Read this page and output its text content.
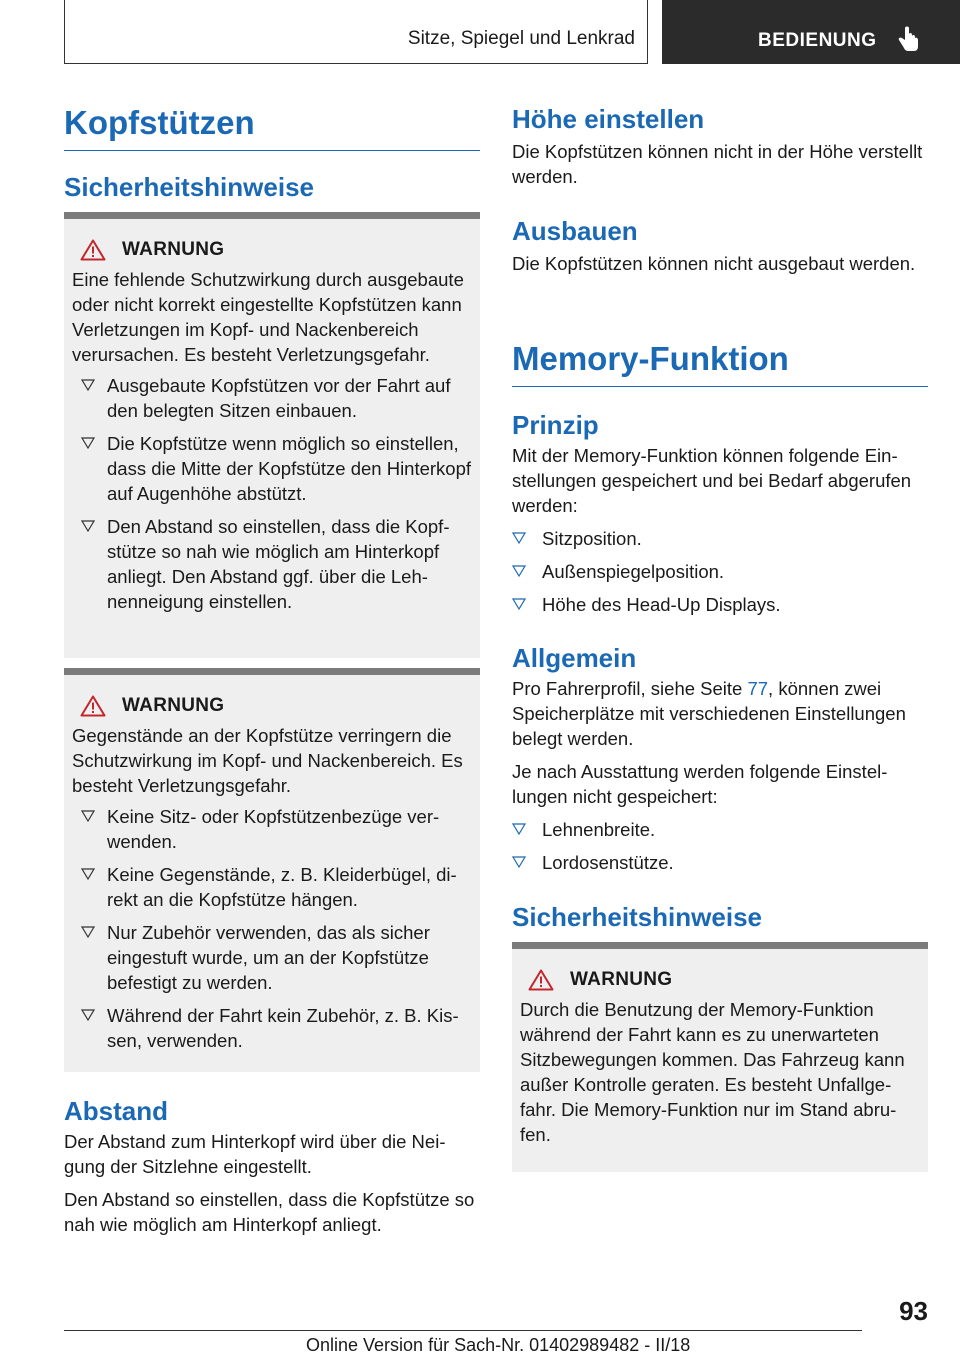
Sitze, Spiegel und Lenkrad	BEDIENUNG
Kopfstützen
Sicherheitshinweise
WARNUNG

Eine fehlende Schutzwirkung durch ausgebaute oder nicht korrekt eingestellte Kopfstützen kann Verletzungen im Kopf- und Nackenbereich verursachen. Es besteht Verletzungsgefahr.

Ausgebaute Kopfstützen vor der Fahrt auf den belegten Sitzen einbauen.
Die Kopfstütze wenn möglich so einstellen, dass die Mitte der Kopfstütze den Hinterkopf auf Augenhöhe abstützt.
Den Abstand so einstellen, dass die Kopfstütze so nah wie möglich am Hinterkopf anliegt. Den Abstand ggf. über die Lehnenneigung einstellen.
WARNUNG

Gegenstände an der Kopfstütze verringern die Schutzwirkung im Kopf- und Nackenbereich. Es besteht Verletzungsgefahr.

Keine Sitz- oder Kopfstützenbezüge verwenden.
Keine Gegenstände, z. B. Kleiderbügel, direkt an die Kopfstütze hängen.
Nur Zubehör verwenden, das als sicher eingestuft wurde, um an der Kopfstütze befestigt zu werden.
Während der Fahrt kein Zubehör, z. B. Kissen, verwenden.
Abstand

Der Abstand zum Hinterkopf wird über die Neigung der Sitzlehne eingestellt.

Den Abstand so einstellen, dass die Kopfstütze so nah wie möglich am Hinterkopf anliegt.

Höhe einstellen

Die Kopfstützen können nicht in der Höhe verstellt werden.

Ausbauen

Die Kopfstützen können nicht ausgebaut werden.

Memory-Funktion
Prinzip

Mit der Memory-Funktion können folgende Einstellungen gespeichert und bei Bedarf abgerufen werden:

Sitzposition.
Außenspiegelposition.
Höhe des Head-Up Displays.
Allgemein

Pro Fahrerprofil, siehe Seite 77, können zwei Speicherplätze mit verschiedenen Einstellungen belegt werden.

Je nach Ausstattung werden folgende Einstellungen nicht gespeichert:

Lehnenbreite.
Lordosenstütze.
Sicherheitshinweise
WARNUNG

Durch die Benutzung der Memory-Funktion während der Fahrt kann es zu unerwarteten Sitzbewegungen kommen. Das Fahrzeug kann außer Kontrolle geraten. Es besteht Unfallgefahr. Die Memory-Funktion nur im Stand abrufen.

93
Online Version für Sach-Nr. 01402989482 - II/18
